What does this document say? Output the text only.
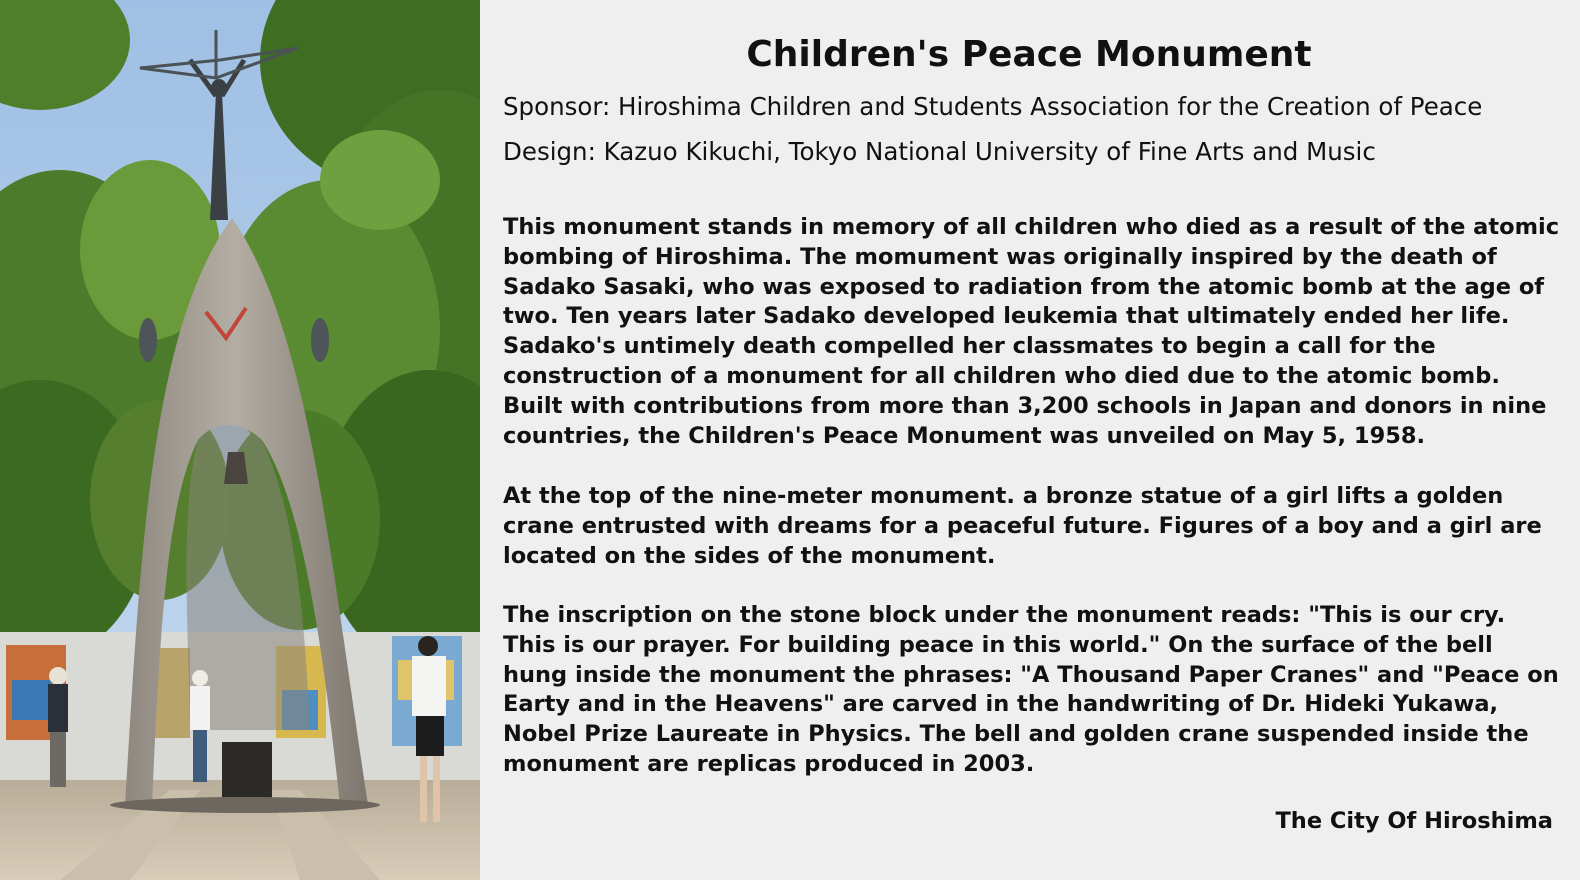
Children's Peace Monument

Sponsor: Hiroshima Children and Students Association for the Creation of Peace

Design: Kazuo Kikuchi, Tokyo National University of Fine Arts and Music

This monument stands in memory of all children who died as a result of the atomic bombing of Hiroshima. The momument was originally inspired by the death of Sadako Sasaki, who was exposed to radiation from the atomic bomb at the age of two. Ten years later Sadako developed leukemia that ultimately ended her life. Sadako's untimely death compelled her classmates to begin a call for the construction of a monument for all children who died due to the atomic bomb. Built with contributions from more than 3,200 schools in Japan and donors in nine countries, the Children's Peace Monument was unveiled on May 5, 1958.

At the top of the nine-meter monument. a bronze statue of a girl lifts a golden crane entrusted with dreams for a peaceful future. Figures of a boy and a girl are located on the sides of the monument.

The inscription on the stone block under the monument reads: "This is our cry. This is our prayer. For building peace in this world." On the surface of the bell hung inside the monument the phrases: "A Thousand Paper Cranes" and "Peace on Earty and in the Heavens" are carved in the handwriting of Dr. Hideki Yukawa, Nobel Prize Laureate in Physics. The bell and golden crane suspended inside the monument are replicas produced in 2003.

The City Of Hiroshima
